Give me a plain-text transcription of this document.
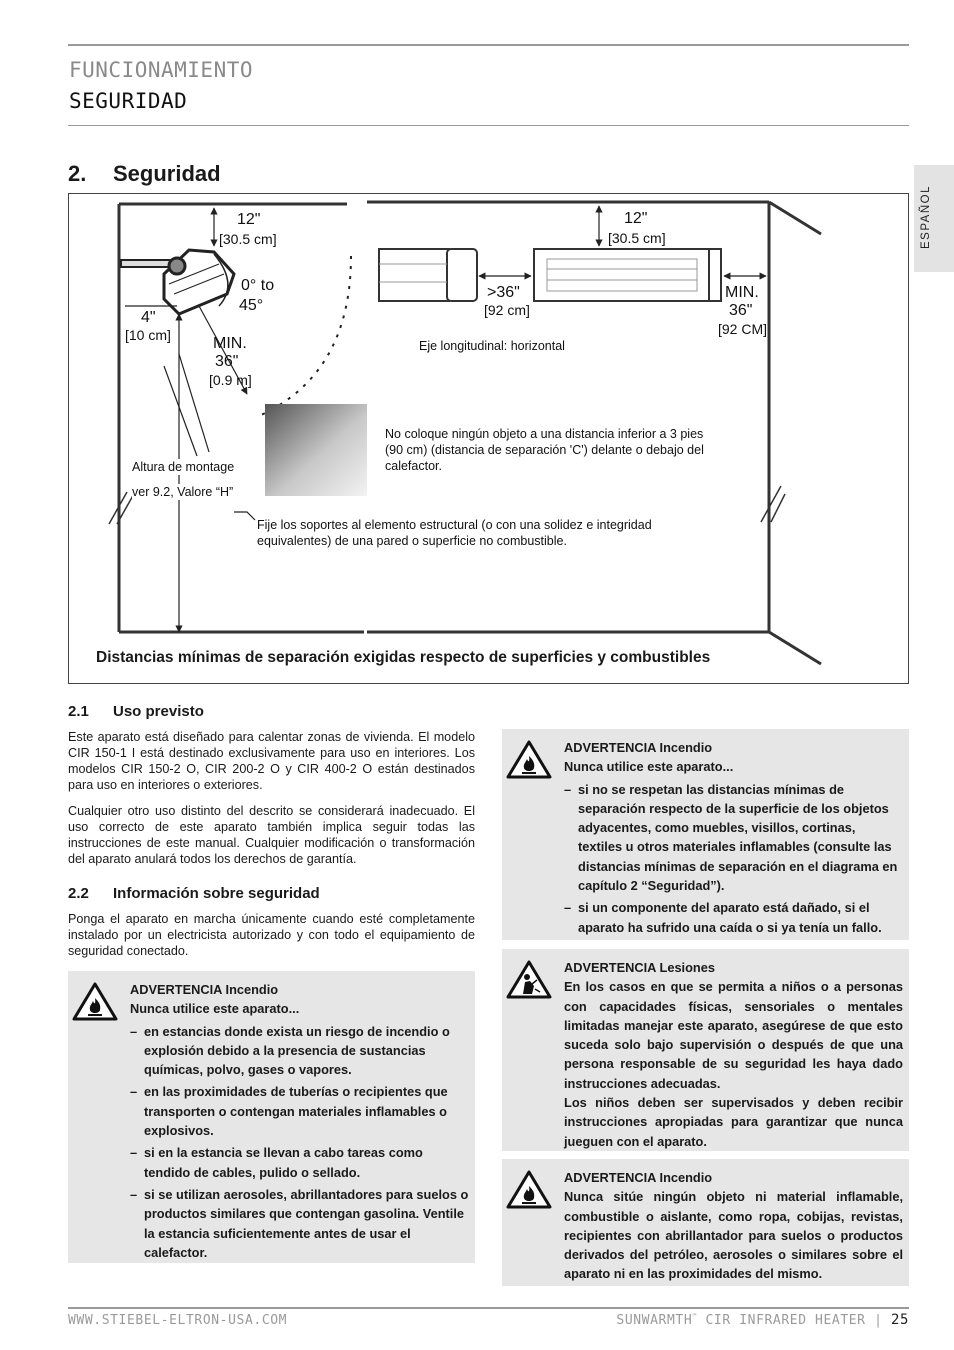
FUNCIONAMIENTO
SEGURIDAD
ESPAÑOL
2. Seguridad
12"
[30.5 cm]
0° to
45°
4"
[10 cm]	MIN.
36"
[0.9 m]
12"
[30.5 cm]
>36"
[92 cm]
MIN.
36"
[92 CM]
Eje longitudinal: horizontal
No coloque ningún objeto a una distancia inferior a 3 pies (90 cm) (distancia de separación 'C') delante o debajo del calefactor.
Altura de montage
ver 9.2, Valore “H”
Fije los soportes al elemento estructural (o con una solidez e integridad equivalentes) de una pared o superficie no combustible.
Distancias mínimas de separación exigidas respecto de superficies y combustibles
2.1 Uso previsto
Este aparato está diseñado para calentar zonas de vivienda. El modelo CIR 150-1 I está destinado exclusivamente para uso en interiores. Los modelos CIR 150-2 O, CIR 200-2 O y CIR 400-2 O están destinados para uso en interiores o exteriores.
Cualquier otro uso distinto del descrito se considerará inadecuado. El uso correcto de este aparato también implica seguir todas las instrucciones de este manual. Cualquier modificación o transformación del aparato anulará todos los derechos de garantía.
2.2 Información sobre seguridad
Ponga el aparato en marcha únicamente cuando esté completamente instalado por un electricista autorizado y con todo el equipamiento de seguridad conectado.
ADVERTENCIA Incendio
Nunca utilice este aparato...
– en estancias donde exista un riesgo de incendio o explosión debido a la presencia de sustancias químicas, polvo, gases o vapores.
– en las proximidades de tuberías o recipientes que transporten o contengan materiales inflamables o explosivos.
– si en la estancia se llevan a cabo tareas como tendido de cables, pulido o sellado.
– si se utilizan aerosoles, abrillantadores para suelos o productos similares que contengan gasolina. Ventile la estancia suficientemente antes de usar el calefactor.
ADVERTENCIA Incendio
Nunca utilice este aparato...
– si no se respetan las distancias mínimas de separación respecto de la superficie de los objetos adyacentes, como muebles, visillos, cortinas, textiles u otros materiales inflamables (consulte las distancias mínimas de separación en el diagrama en capítulo 2 “Seguridad”).
– si un componente del aparato está dañado, si el aparato ha sufrido una caída o si ya tenía un fallo.
ADVERTENCIA Lesiones
En los casos en que se permita a niños o a personas con capacidades físicas, sensoriales o mentales limitadas manejar este aparato, asegúrese de que esto suceda solo bajo supervisión o después de que una persona responsable de su seguridad les haya dado instrucciones adecuadas.
Los niños deben ser supervisados y deben recibir instrucciones apropiadas para garantizar que nunca jueguen con el aparato.
ADVERTENCIA Incendio
Nunca sitúe ningún objeto ni material inflamable, combustible o aislante, como ropa, cobijas, revistas, recipientes con abrillantador para suelos o productos derivados del petróleo, aerosoles o similares sobre el aparato ni en las proximidades del mismo.
WWW.STIEBEL-ELTRON-USA.COM	SUNWARMTH™ CIR INFRARED HEATER | 25
